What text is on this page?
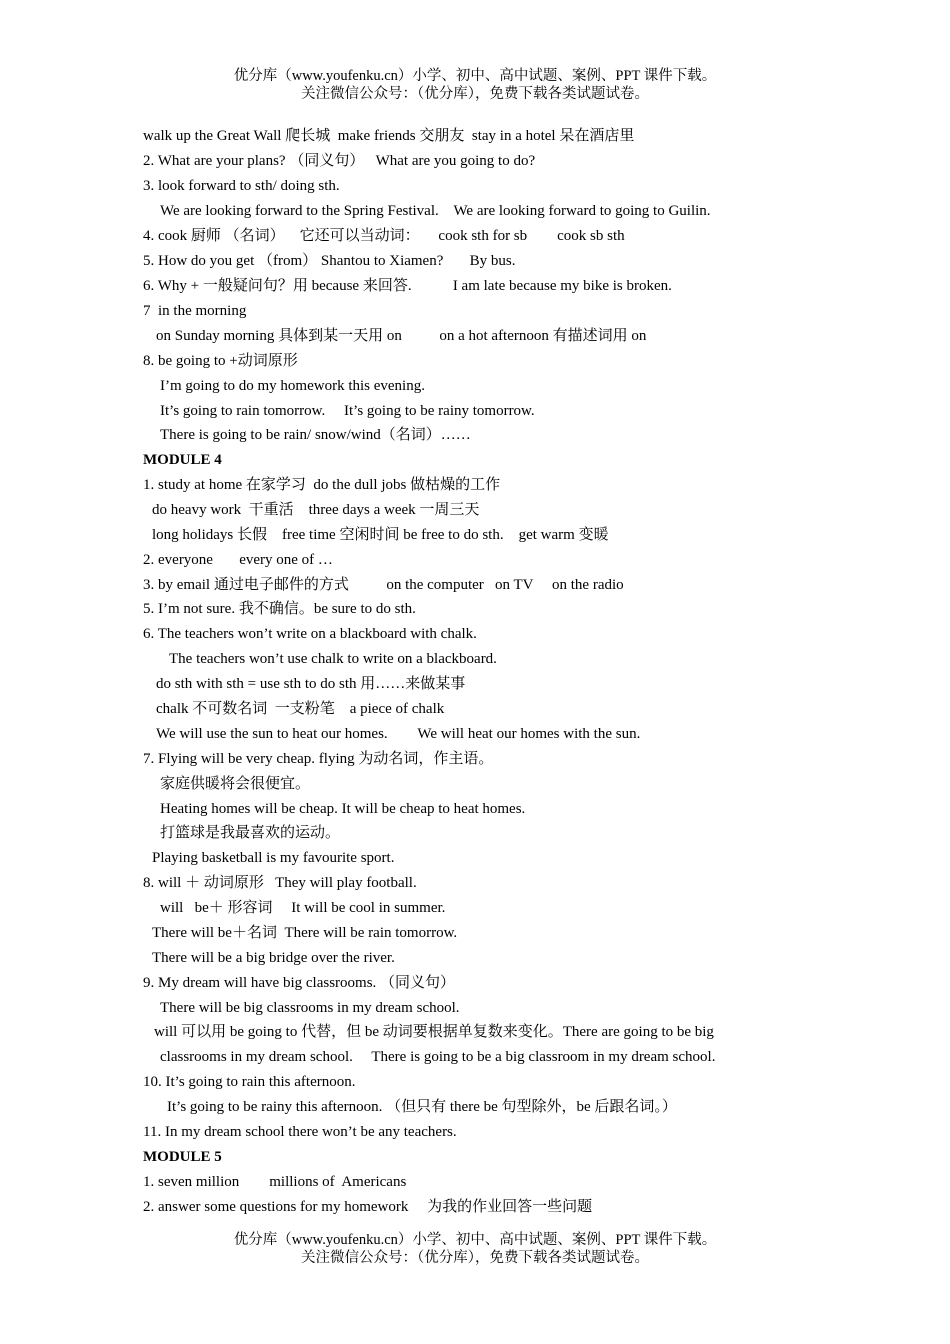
优分库（www.youfenku.cn）小学、初中、高中试题、案例、PPT 课件下载。
关注微信公众号：（优分库），免费下载各类试题试卷。
walk up the Great Wall 爬长城  make friends 交朋友  stay in a hotel 呆在酒店里
2. What are your plans? （同义句）   What are you going to do?
3. look forward to sth/ doing sth.
We are looking forward to the Spring Festival.    We are looking forward to going to Guilin.
4. cook 厨师 （名词）    它还可以当动词：     cook sth for sb        cook sb sth
5. How do you get （from） Shantou to Xiamen?       By bus.
6. Why + 一般疑问句？用 because 来回答.           I am late because my bike is broken.
7  in the morning
on Sunday morning 具体到某一天用 on          on a hot afternoon 有描述词用 on
8. be going to +动词原形
I’m going to do my homework this evening.
It’s going to rain tomorrow.     It’s going to be rainy tomorrow.
There is going to be rain/ snow/wind（名词）……
MODULE 4
1. study at home 在家学习  do the dull jobs 做枯燥的工作
do heavy work  干重活    three days a week 一周三天
long holidays 长假    free time 空闲时间 be free to do sth.    get warm 变暖
2. everyone       every one of …
3. by email 通过电子邮件的方式          on the computer   on TV     on the radio
5. I’m not sure. 我不确信。be sure to do sth.
6. The teachers won’t write on a blackboard with chalk.
The teachers won’t use chalk to write on a blackboard.
do sth with sth = use sth to do sth 用……来做某事
chalk 不可数名词  一支粉笔    a piece of chalk
We will use the sun to heat our homes.        We will heat our homes with the sun.
7. Flying will be very cheap. flying 为动名词，作主语。
家庭供暖将会很便宜。
Heating homes will be cheap. It will be cheap to heat homes.
打篮球是我最喜欢的运动。
Playing basketball is my favourite sport.
8. will ＋ 动词原形   They will play football.
will   be＋ 形容词     It will be cool in summer.
There will be＋名词  There will be rain tomorrow.
There will be a big bridge over the river.
9. My dream will have big classrooms. （同义句）
There will be big classrooms in my dream school.
will 可以用 be going to 代替，但 be 动词要根据单复数来变化。There are going to be big
classrooms in my dream school.     There is going to be a big classroom in my dream school.
10. It’s going to rain this afternoon.
It’s going to be rainy this afternoon. （但只有 there be 句型除外，be 后跟名词。）
11. In my dream school there won’t be any teachers.
MODULE 5
1. seven million        millions of  Americans
2. answer some questions for my homework     为我的作业回答一些问题
优分库（www.youfenku.cn）小学、初中、高中试题、案例、PPT 课件下载。
关注微信公众号：（优分库），免费下载各类试题试卷。
